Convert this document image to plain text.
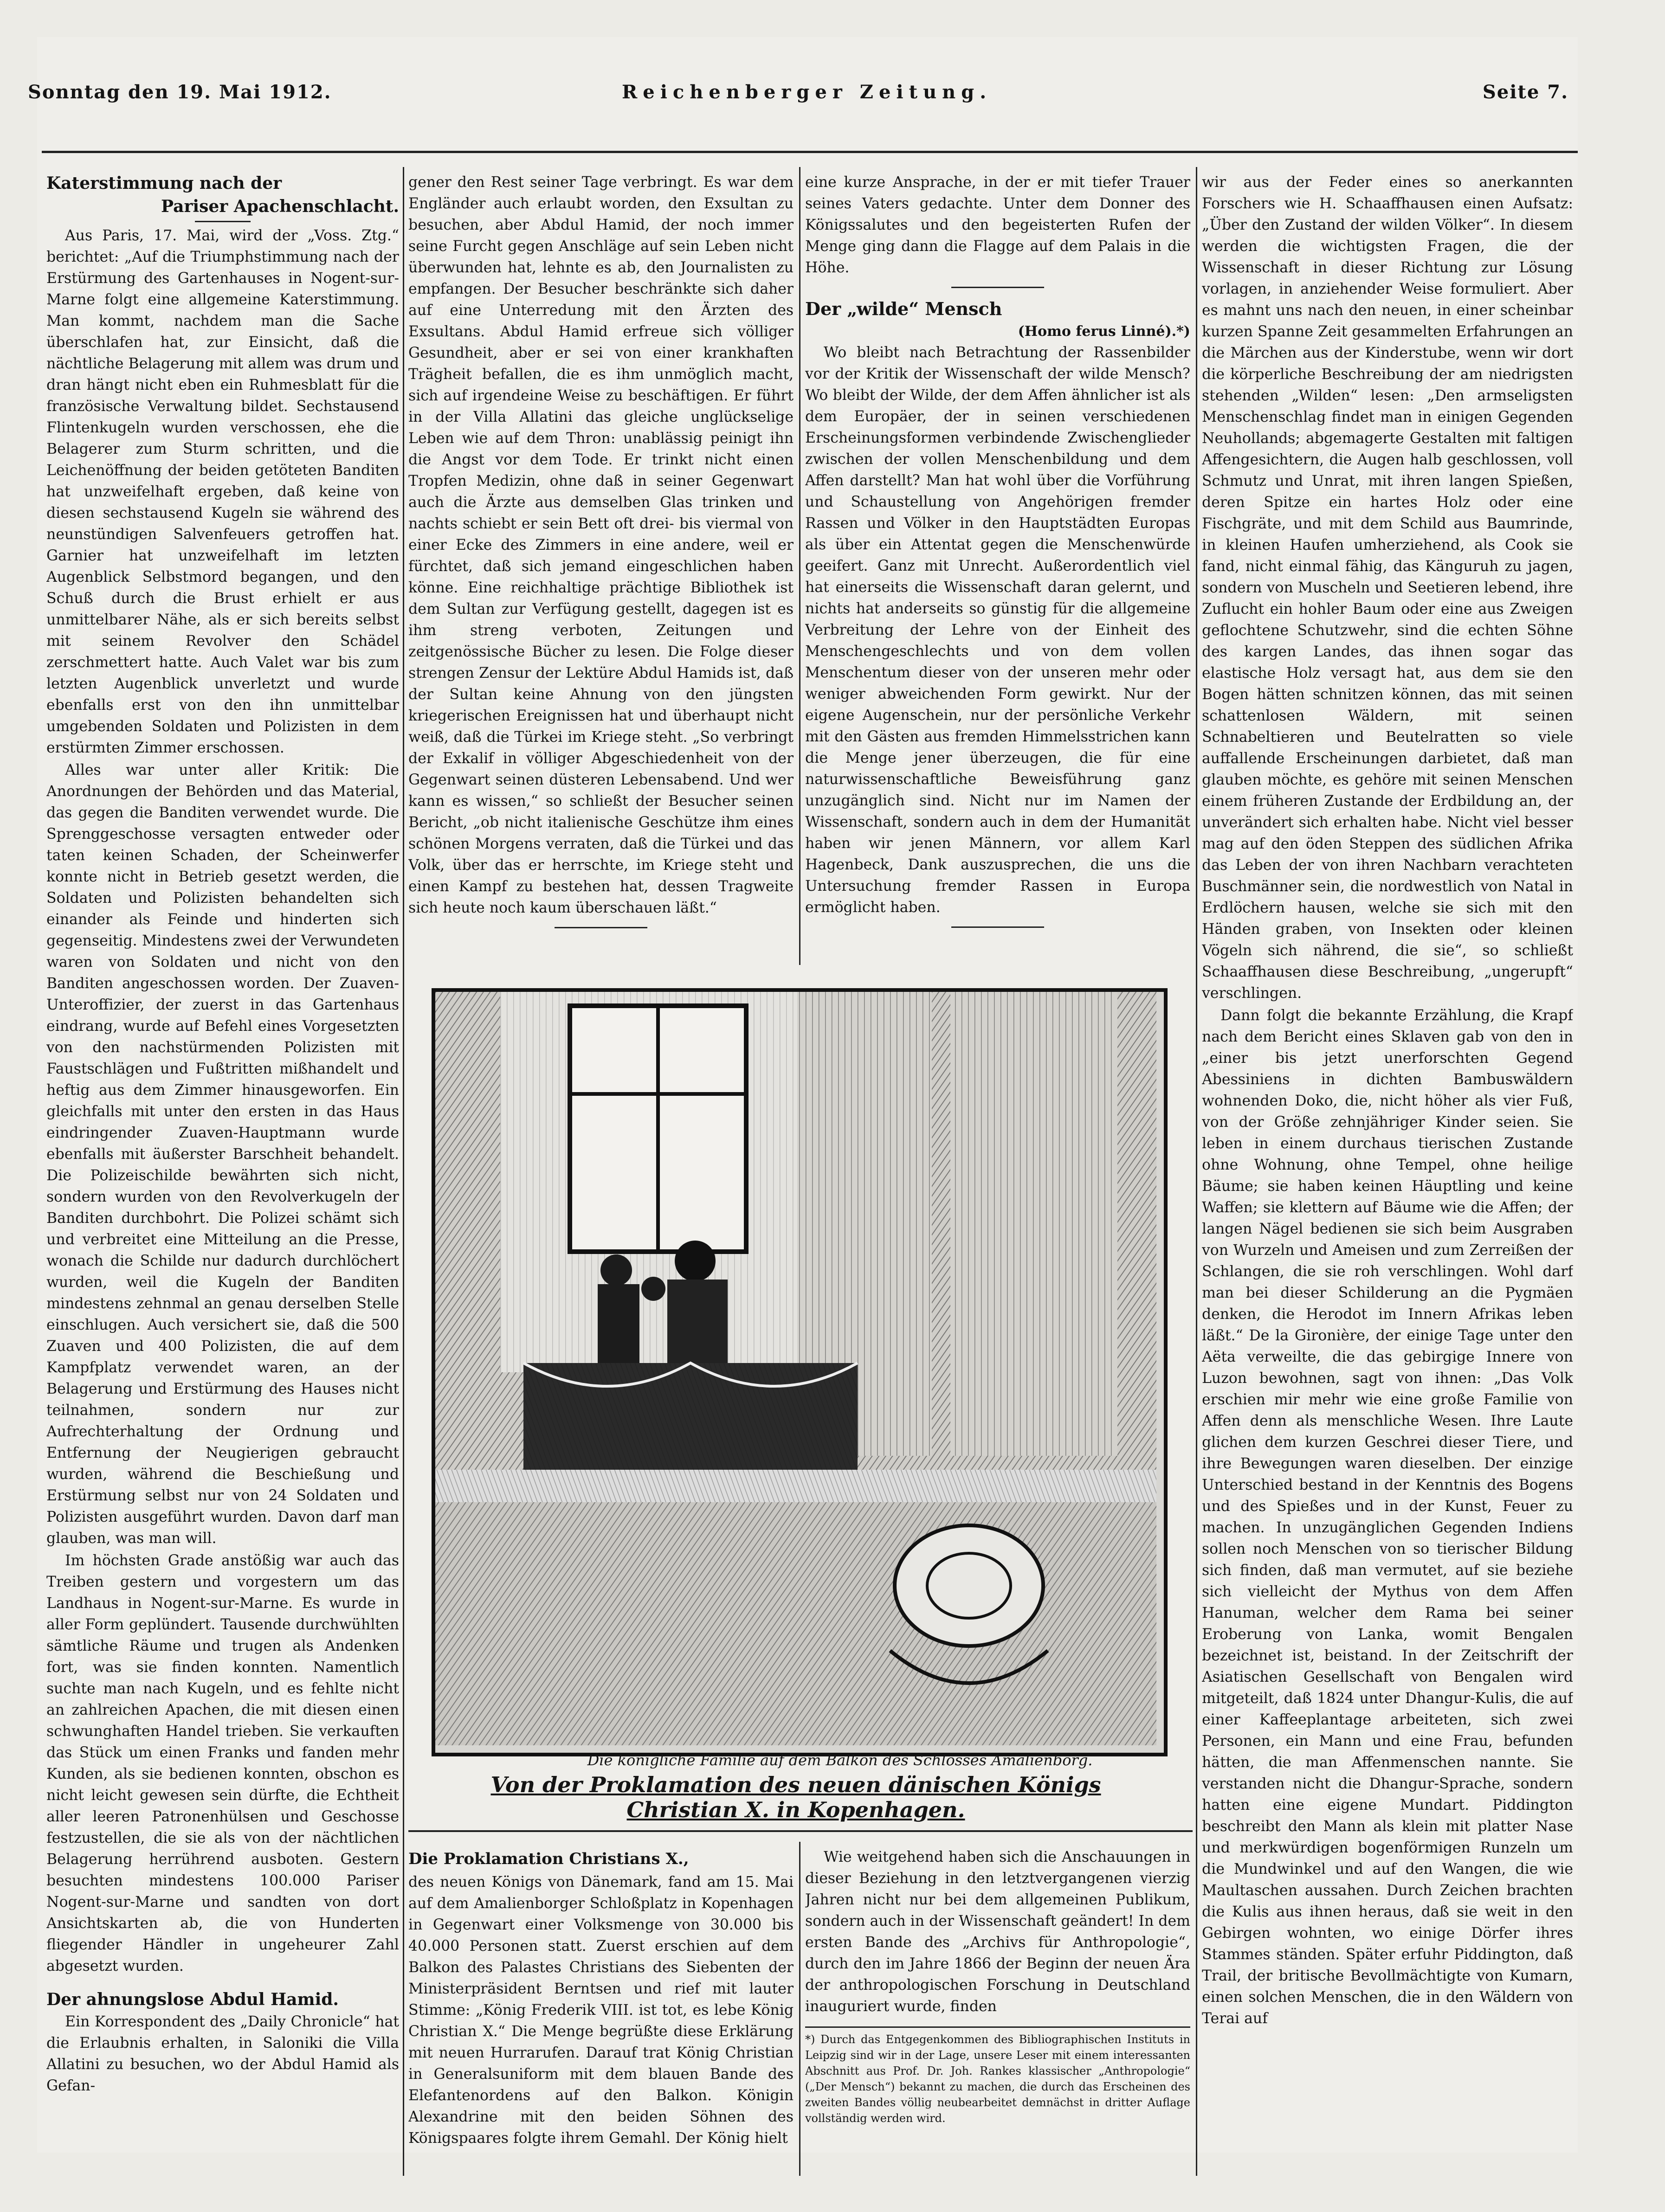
Sonntag den 19. Mai 1912.	Reichenberger Zeitung.	Seite 7.
Katerstimmung nach der
Pariser Apachenschlacht.

Aus Paris, 17. Mai, wird der „Voss. Ztg.“ berichtet: „Auf die Triumphstimmung nach der Erstürmung des Gartenhauses in Nogent-sur-Marne folgt eine allgemeine Katerstimmung. Man kommt, nachdem man die Sache überschlafen hat, zur Einsicht, daß die nächtliche Belagerung mit allem was drum und dran hängt nicht eben ein Ruhmesblatt für die französische Verwaltung bildet. Sechstausend Flintenkugeln wurden verschossen, ehe die Belagerer zum Sturm schritten, und die Leichenöffnung der beiden getöteten Banditen hat unzweifelhaft ergeben, daß keine von diesen sechstausend Kugeln sie während des neunstündigen Salvenfeuers getroffen hat. Garnier hat unzweifelhaft im letzten Augenblick Selbstmord begangen, und den Schuß durch die Brust erhielt er aus unmittelbarer Nähe, als er sich bereits selbst mit seinem Revolver den Schädel zerschmettert hatte. Auch Valet war bis zum letzten Augenblick unverletzt und wurde ebenfalls erst von den ihn unmittelbar umgebenden Soldaten und Polizisten in dem erstürmten Zimmer erschossen.

Alles war unter aller Kritik: Die Anordnungen der Behörden und das Material, das gegen die Banditen verwendet wurde. Die Sprenggeschosse versagten entweder oder taten keinen Schaden, der Scheinwerfer konnte nicht in Betrieb gesetzt werden, die Soldaten und Polizisten behandelten sich einander als Feinde und hinderten sich gegenseitig. Mindestens zwei der Verwundeten waren von Soldaten und nicht von den Banditen angeschossen worden. Der Zuaven-Unteroffizier, der zuerst in das Gartenhaus eindrang, wurde auf Befehl eines Vorgesetzten von den nachstürmenden Polizisten mit Faustschlägen und Fußtritten mißhandelt und heftig aus dem Zimmer hinausgeworfen. Ein gleichfalls mit unter den ersten in das Haus eindringender Zuaven-Hauptmann wurde ebenfalls mit äußerster Barschheit behandelt. Die Polizeischilde bewährten sich nicht, sondern wurden von den Revolverkugeln der Banditen durchbohrt. Die Polizei schämt sich und verbreitet eine Mitteilung an die Presse, wonach die Schilde nur dadurch durchlöchert wurden, weil die Kugeln der Banditen mindestens zehnmal an genau derselben Stelle einschlugen. Auch versichert sie, daß die 500 Zuaven und 400 Polizisten, die auf dem Kampfplatz verwendet waren, an der Belagerung und Erstürmung des Hauses nicht teilnahmen, sondern nur zur Aufrechterhaltung der Ordnung und Entfernung der Neugierigen gebraucht wurden, während die Beschießung und Erstürmung selbst nur von 24 Soldaten und Polizisten ausgeführt wurden. Davon darf man glauben, was man will.

Im höchsten Grade anstößig war auch das Treiben gestern und vorgestern um das Landhaus in Nogent-sur-Marne. Es wurde in aller Form geplündert. Tausende durchwühlten sämtliche Räume und trugen als Andenken fort, was sie finden konnten. Namentlich suchte man nach Kugeln, und es fehlte nicht an zahlreichen Apachen, die mit diesen einen schwunghaften Handel trieben. Sie verkauften das Stück um einen Franks und fanden mehr Kunden, als sie bedienen konnten, obschon es nicht leicht gewesen sein dürfte, die Echtheit aller leeren Patronenhülsen und Geschosse festzustellen, die sie als von der nächtlichen Belagerung herrührend ausboten. Gestern besuchten mindestens 100.000 Pariser Nogent-sur-Marne und sandten von dort Ansichtskarten ab, die von Hunderten fliegender Händler in ungeheurer Zahl abgesetzt wurden.

Der ahnungslose Abdul Hamid.

Ein Korrespondent des „Daily Chronicle“ hat die Erlaubnis erhalten, in Saloniki die Villa Allatini zu besuchen, wo der Abdul Hamid als Gefan-

gener den Rest seiner Tage verbringt. Es war dem Engländer auch erlaubt worden, den Exsultan zu besuchen, aber Abdul Hamid, der noch immer seine Furcht gegen Anschläge auf sein Leben nicht überwunden hat, lehnte es ab, den Journalisten zu empfangen. Der Besucher beschränkte sich daher auf eine Unterredung mit den Ärzten des Exsultans. Abdul Hamid erfreue sich völliger Gesundheit, aber er sei von einer krankhaften Trägheit befallen, die es ihm unmöglich macht, sich auf irgendeine Weise zu beschäftigen. Er führt in der Villa Allatini das gleiche unglückselige Leben wie auf dem Thron: unablässig peinigt ihn die Angst vor dem Tode. Er trinkt nicht einen Tropfen Medizin, ohne daß in seiner Gegenwart auch die Ärzte aus demselben Glas trinken und nachts schiebt er sein Bett oft drei- bis viermal von einer Ecke des Zimmers in eine andere, weil er fürchtet, daß sich jemand eingeschlichen haben könne. Eine reichhaltige prächtige Bibliothek ist dem Sultan zur Verfügung gestellt, dagegen ist es ihm streng verboten, Zeitungen und zeitgenössische Bücher zu lesen. Die Folge dieser strengen Zensur der Lektüre Abdul Hamids ist, daß der Sultan keine Ahnung von den jüngsten kriegerischen Ereignissen hat und überhaupt nicht weiß, daß die Türkei im Kriege steht. „So verbringt der Exkalif in völliger Abgeschiedenheit von der Gegenwart seinen düsteren Lebensabend. Und wer kann es wissen,“ so schließt der Besucher seinen Bericht, „ob nicht italienische Geschütze ihm eines schönen Morgens verraten, daß die Türkei und das Volk, über das er herrschte, im Kriege steht und einen Kampf zu bestehen hat, dessen Tragweite sich heute noch kaum überschauen läßt.“

eine kurze Ansprache, in der er mit tiefer Trauer seines Vaters gedachte. Unter dem Donner des Königssalutes und den begeisterten Rufen der Menge ging dann die Flagge auf dem Palais in die Höhe.

Der „wilde“ Mensch
(Homo ferus Linné).*)

Wo bleibt nach Betrachtung der Rassenbilder vor der Kritik der Wissenschaft der wilde Mensch? Wo bleibt der Wilde, der dem Affen ähnlicher ist als dem Europäer, der in seinen verschiedenen Erscheinungsformen verbindende Zwischenglieder zwischen der vollen Menschenbildung und dem Affen darstellt? Man hat wohl über die Vorführung und Schaustellung von Angehörigen fremder Rassen und Völker in den Hauptstädten Europas als über ein Attentat gegen die Menschenwürde geeifert. Ganz mit Unrecht. Außerordentlich viel hat einerseits die Wissenschaft daran gelernt, und nichts hat anderseits so günstig für die allgemeine Verbreitung der Lehre von der Einheit des Menschengeschlechts und von dem vollen Menschentum dieser von der unseren mehr oder weniger abweichenden Form gewirkt. Nur der eigene Augenschein, nur der persönliche Verkehr mit den Gästen aus fremden Himmelsstrichen kann die Menge jener überzeugen, die für eine naturwissenschaftliche Beweisführung ganz unzugänglich sind. Nicht nur im Namen der Wissenschaft, sondern auch in dem der Humanität haben wir jenen Männern, vor allem Karl Hagenbeck, Dank auszusprechen, die uns die Untersuchung fremder Rassen in Europa ermöglicht haben.

Die königliche Familie auf dem Balkon des Schlosses Amalienborg.
Von der Proklamation des neuen dänischen Königs Christian X. in Kopenhagen.
Die Proklamation Christians X.,

des neuen Königs von Dänemark, fand am 15. Mai auf dem Amalienborger Schloßplatz in Kopenhagen in Gegenwart einer Volksmenge von 30.000 bis 40.000 Personen statt. Zuerst erschien auf dem Balkon des Palastes Christians des Siebenten der Ministerpräsident Berntsen und rief mit lauter Stimme: „König Frederik VIII. ist tot, es lebe König Christian X.“ Die Menge begrüßte diese Erklärung mit neuen Hurrarufen. Darauf trat König Christian in Generalsuniform mit dem blauen Bande des Elefantenordens auf den Balkon. Königin Alexandrine mit den beiden Söhnen des Königspaares folgte ihrem Gemahl. Der König hielt

Wie weitgehend haben sich die Anschauungen in dieser Beziehung in den letztvergangenen vierzig Jahren nicht nur bei dem allgemeinen Publikum, sondern auch in der Wissenschaft geändert! In dem ersten Bande des „Archivs für Anthropologie“, durch den im Jahre 1866 der Beginn der neuen Ära der anthropologischen Forschung in Deutschland inauguriert wurde, finden

*) Durch das Entgegenkommen des Bibliographischen Instituts in Leipzig sind wir in der Lage, unsere Leser mit einem interessanten Abschnitt aus Prof. Dr. Joh. Rankes klassischer „Anthropologie“ („Der Mensch“) bekannt zu machen, die durch das Erscheinen des zweiten Bandes völlig neubearbeitet demnächst in dritter Auflage vollständig werden wird.

wir aus der Feder eines so anerkannten Forschers wie H. Schaaffhausen einen Aufsatz: „Über den Zustand der wilden Völker“. In diesem werden die wichtigsten Fragen, die der Wissenschaft in dieser Richtung zur Lösung vorlagen, in anziehender Weise formuliert. Aber es mahnt uns nach den neuen, in einer scheinbar kurzen Spanne Zeit gesammelten Erfahrungen an die Märchen aus der Kinderstube, wenn wir dort die körperliche Beschreibung der am niedrigsten stehenden „Wilden“ lesen: „Den armseligsten Menschenschlag findet man in einigen Gegenden Neuhollands; abgemagerte Gestalten mit faltigen Affengesichtern, die Augen halb geschlossen, voll Schmutz und Unrat, mit ihren langen Spießen, deren Spitze ein hartes Holz oder eine Fischgräte, und mit dem Schild aus Baumrinde, in kleinen Haufen umherziehend, als Cook sie fand, nicht einmal fähig, das Känguruh zu jagen, sondern von Muscheln und Seetieren lebend, ihre Zuflucht ein hohler Baum oder eine aus Zweigen geflochtene Schutzwehr, sind die echten Söhne des kargen Landes, das ihnen sogar das elastische Holz versagt hat, aus dem sie den Bogen hätten schnitzen können, das mit seinen schattenlosen Wäldern, mit seinen Schnabeltieren und Beutelratten so viele auffallende Erscheinungen darbietet, daß man glauben möchte, es gehöre mit seinen Menschen einem früheren Zustande der Erdbildung an, der unverändert sich erhalten habe. Nicht viel besser mag auf den öden Steppen des südlichen Afrika das Leben der von ihren Nachbarn verachteten Buschmänner sein, die nordwestlich von Natal in Erdlöchern hausen, welche sie sich mit den Händen graben, von Insekten oder kleinen Vögeln sich nährend, die sie“, so schließt Schaaffhausen diese Beschreibung, „ungerupft“ verschlingen.

Dann folgt die bekannte Erzählung, die Krapf nach dem Bericht eines Sklaven gab von den in „einer bis jetzt unerforschten Gegend Abessiniens in dichten Bambuswäldern wohnenden Doko, die, nicht höher als vier Fuß, von der Größe zehnjähriger Kinder seien. Sie leben in einem durchaus tierischen Zustande ohne Wohnung, ohne Tempel, ohne heilige Bäume; sie haben keinen Häuptling und keine Waffen; sie klettern auf Bäume wie die Affen; der langen Nägel bedienen sie sich beim Ausgraben von Wurzeln und Ameisen und zum Zerreißen der Schlangen, die sie roh verschlingen. Wohl darf man bei dieser Schilderung an die Pygmäen denken, die Herodot im Innern Afrikas leben läßt.“ De la Gironière, der einige Tage unter den Aëta verweilte, die das gebirgige Innere von Luzon bewohnen, sagt von ihnen: „Das Volk erschien mir mehr wie eine große Familie von Affen denn als menschliche Wesen. Ihre Laute glichen dem kurzen Geschrei dieser Tiere, und ihre Bewegungen waren dieselben. Der einzige Unterschied bestand in der Kenntnis des Bogens und des Spießes und in der Kunst, Feuer zu machen. In unzugänglichen Gegenden Indiens sollen noch Menschen von so tierischer Bildung sich finden, daß man vermutet, auf sie beziehe sich vielleicht der Mythus von dem Affen Hanuman, welcher dem Rama bei seiner Eroberung von Lanka, womit Bengalen bezeichnet ist, beistand. In der Zeitschrift der Asiatischen Gesellschaft von Bengalen wird mitgeteilt, daß 1824 unter Dhangur-Kulis, die auf einer Kaffeeplantage arbeiteten, sich zwei Personen, ein Mann und eine Frau, befunden hätten, die man Affenmenschen nannte. Sie verstanden nicht die Dhangur-Sprache, sondern hatten eine eigene Mundart. Piddington beschreibt den Mann als klein mit platter Nase und merkwürdigen bogenförmigen Runzeln um die Mundwinkel und auf den Wangen, die wie Maultaschen aussahen. Durch Zeichen brachten die Kulis aus ihnen heraus, daß sie weit in den Gebirgen wohnten, wo einige Dörfer ihres Stammes ständen. Später erfuhr Piddington, daß Trail, der britische Bevollmächtigte von Kumarn, einen solchen Menschen, die in den Wäldern von Terai auf
